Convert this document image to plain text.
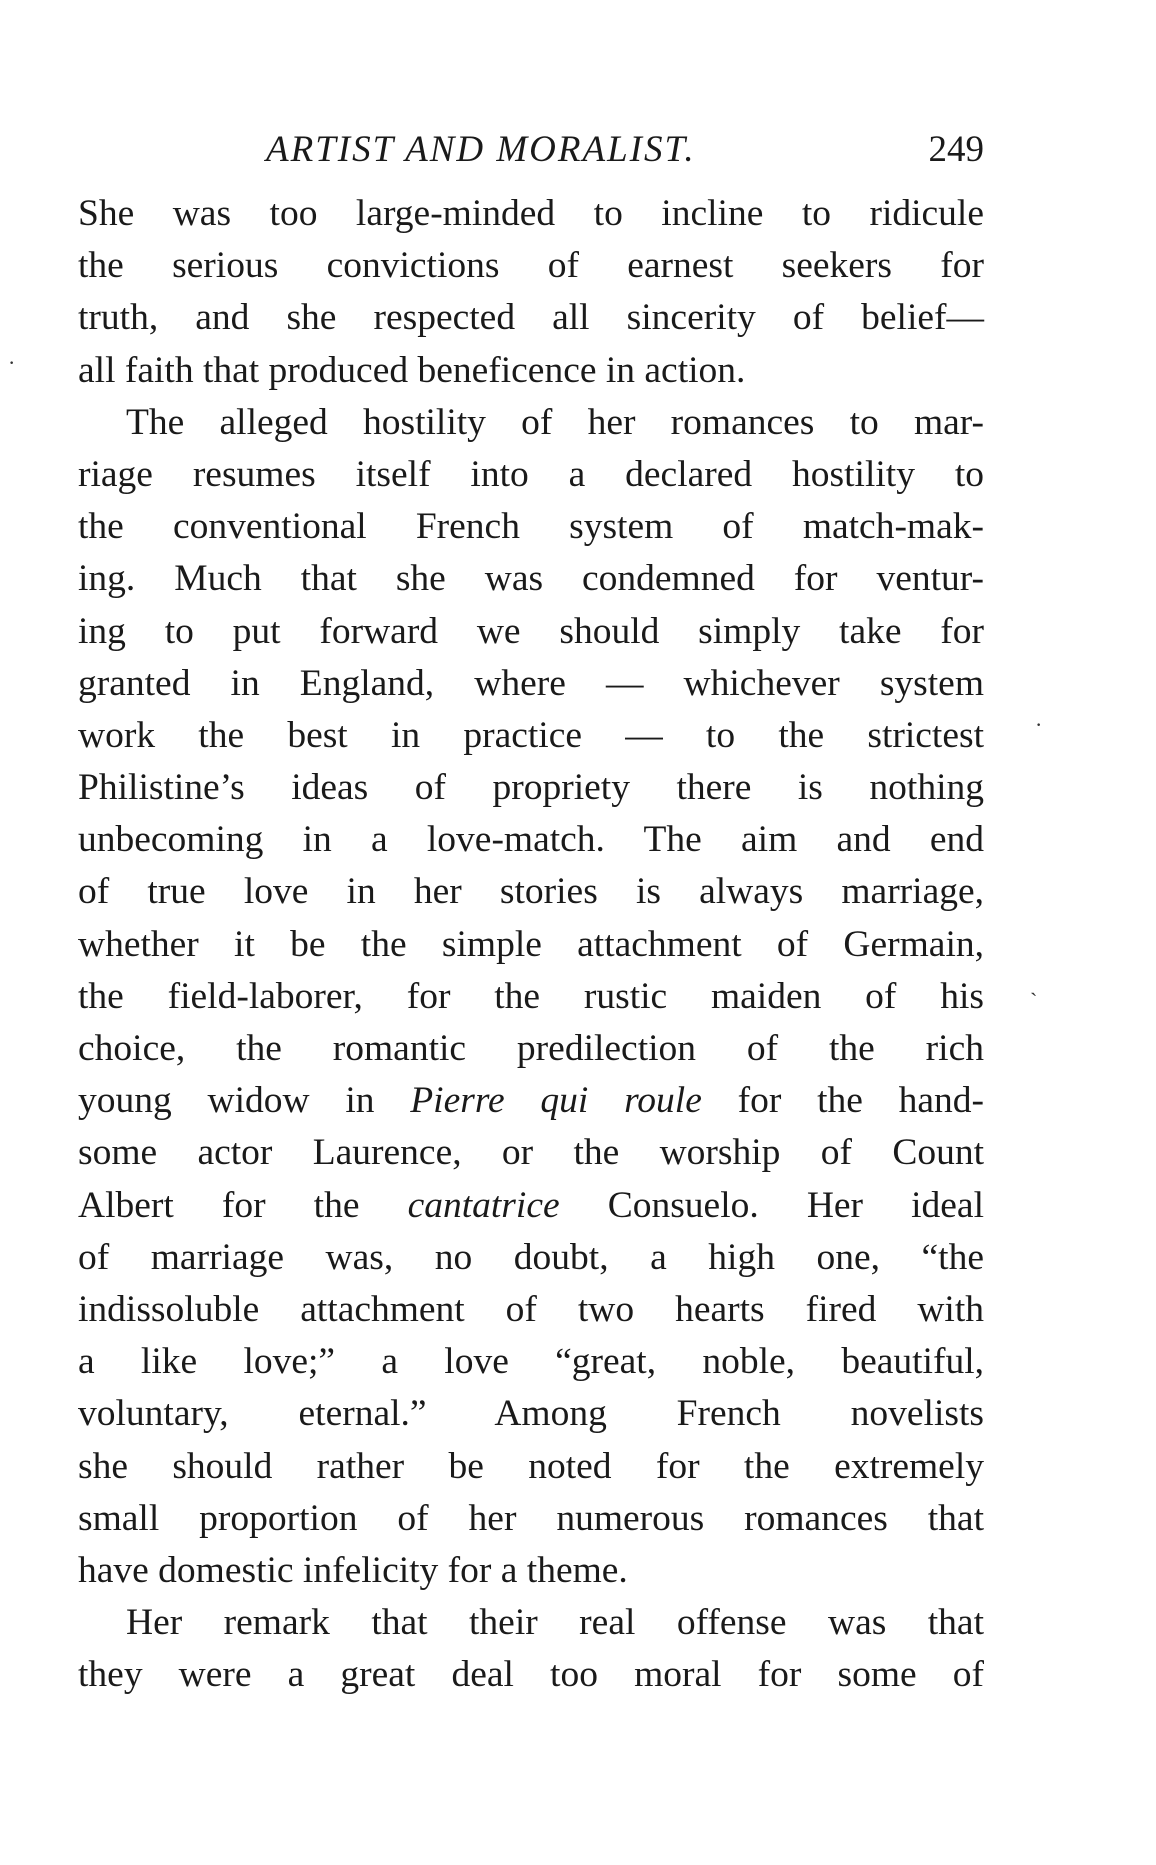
ARTIST AND MORALIST.	249
She was too large-minded to incline to ridicule
the serious convictions of earnest seekers for
truth, and she respected all sincerity of belief—
all faith that produced beneficence in action.
The alleged hostility of her romances to mar-
riage resumes itself into a declared hostility to
the conventional French system of match-mak-
ing. Much that she was condemned for ventur-
ing to put forward we should simply take for
granted in England, where — whichever system
work the best in practice — to the strictest
Philistine’s ideas of propriety there is nothing
unbecoming in a love-match. The aim and end
of true love in her stories is always marriage,
whether it be the simple attachment of Germain,
the field-laborer, for the rustic maiden of his
choice, the romantic predilection of the rich
young widow in Pierre qui roule for the hand-
some actor Laurence, or the worship of Count
Albert for the cantatrice Consuelo. Her ideal
of marriage was, no doubt, a high one, “the
indissoluble attachment of two hearts fired with
a like love;” a love “great, noble, beautiful,
voluntary, eternal.” Among French novelists
she should rather be noted for the extremely
small proportion of her numerous romances that
have domestic infelicity for a theme.
Her remark that their real offense was that
they were a great deal too moral for some of
·
·
ˋ
